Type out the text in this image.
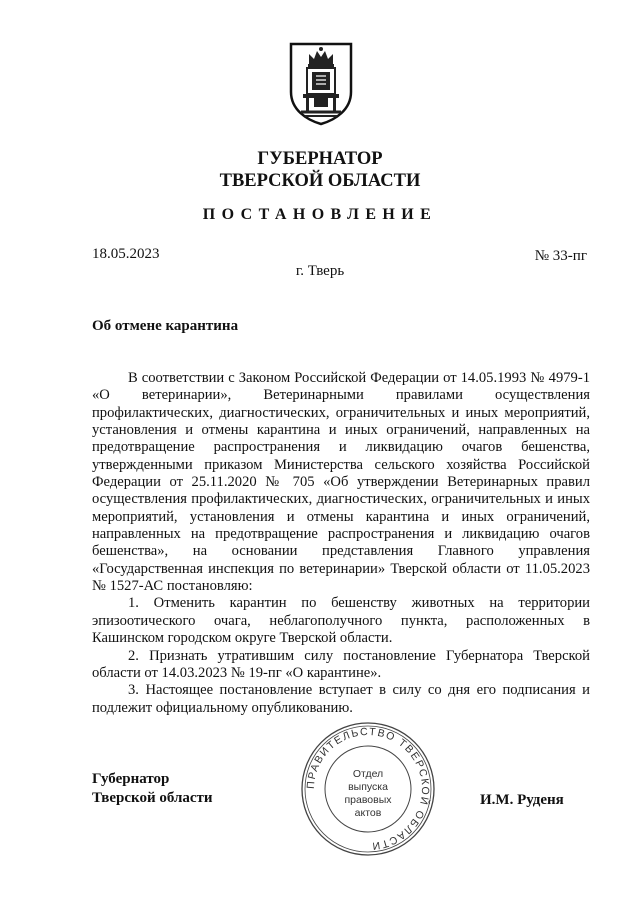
ГУБЕРНАТОР
ТВЕРСКОЙ ОБЛАСТИ
ПОСТАНОВЛЕНИЕ
18.05.2023	№ 33-пг
г. Тверь
Об отмене карантина

В соответствии с Законом Российской Федерации от 14.05.1993 № 4979-1 «О ветеринарии», Ветеринарными правилами осуществления профилактических, диагностических, ограничительных и иных мероприятий, установления и отмены карантина и иных ограничений, направленных на предотвращение распространения и ликвидацию очагов бешенства, утвержденными приказом Министерства сельского хозяйства Российской Федерации от 25.11.2020 № 705 «Об утверждении Ветеринарных правил осуществления профилактических, диагностических, ограничительных и иных мероприятий, установления и отмены карантина и иных ограничений, направленных на предотвращение распространения и ликвидацию очагов бешенства», на основании представления Главного управления «Государственная инспекция по ветеринарии» Тверской области от 11.05.2023 № 1527-АС постановляю:

1. Отменить карантин по бешенству животных на территории эпизоотического очага, неблагополучного пункта, расположенных в Кашинском городском округе Тверской области.

2. Признать утратившим силу постановление Губернатора Тверской области от 14.03.2023 № 19-пг «О карантине».

3. Настоящее постановление вступает в силу со дня его подписания и подлежит официальному опубликованию.

Губернатор
Тверской области	И.М. Руденя
ПРАВИТЕЛЬСТВО ТВЕРСКОЙ ОБЛАСТИ
Отдел
выпуска
правовых
актов
